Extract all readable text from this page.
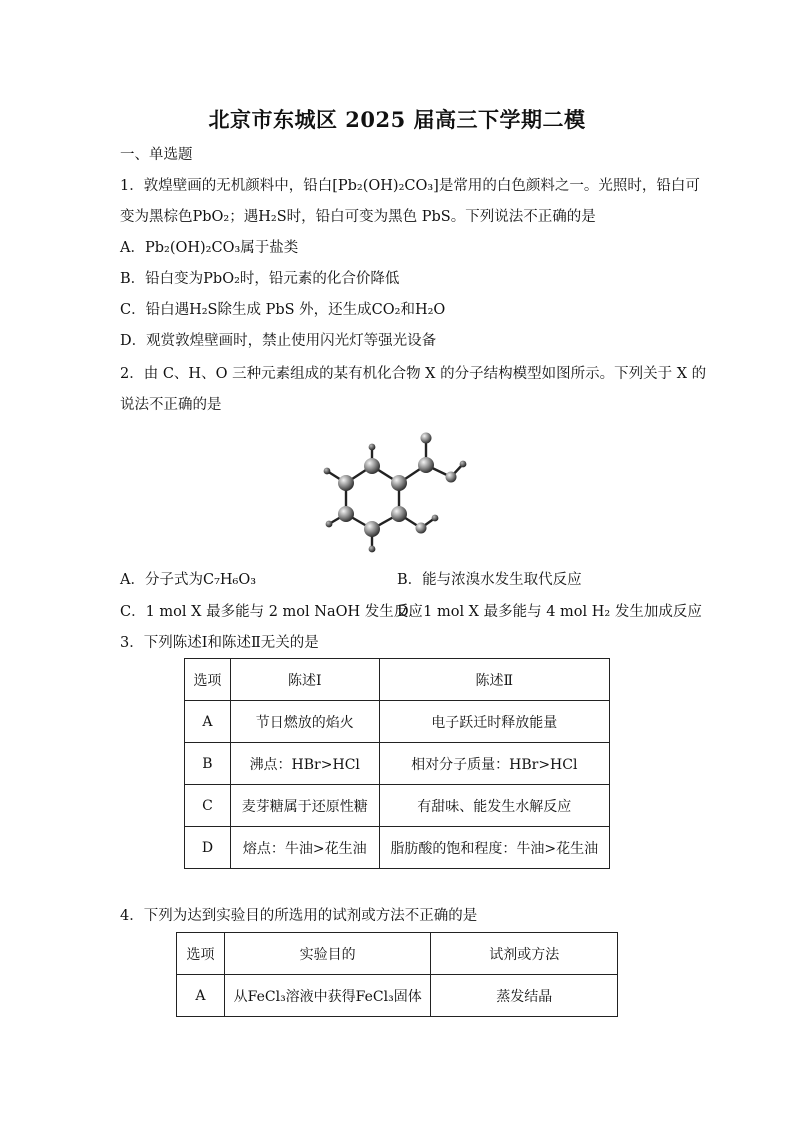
北京市东城区 2025 届高三下学期二模
一、单选题
1．敦煌壁画的无机颜料中，铅白[Pb₂(OH)₂CO₃]是常用的白色颜料之一。光照时，铅白可
变为黑棕色PbO₂；遇H₂S时，铅白可变为黑色 PbS。下列说法不正确的是
A．Pb₂(OH)₂CO₃属于盐类
B．铅白变为PbO₂时，铅元素的化合价降低
C．铅白遇H₂S除生成 PbS 外，还生成CO₂和H₂O
D．观赏敦煌壁画时，禁止使用闪光灯等强光设备
2．由 C、H、O 三种元素组成的某有机化合物 X 的分子结构模型如图所示。下列关于 X 的
说法不正确的是
A．分子式为C₇H₆O₃	B．能与浓溴水发生取代反应
C．1 mol X 最多能与 2 mol NaOH 发生反应
D．1 mol X 最多能与 4 mol H₂ 发生加成反应
3．下列陈述Ⅰ和陈述Ⅱ无关的是
选项	陈述Ⅰ	陈述Ⅱ
A	节日燃放的焰火	电子跃迁时释放能量
B	沸点：HBr>HCl	相对分子质量：HBr>HCl
C	麦芽糖属于还原性糖	有甜味、能发生水解反应
D	熔点：牛油>花生油	脂肪酸的饱和程度：牛油>花生油
4．下列为达到实验目的所选用的试剂或方法不正确的是
选项	实验目的	试剂或方法
A	从FeCl₃溶液中获得FeCl₃固体	蒸发结晶
